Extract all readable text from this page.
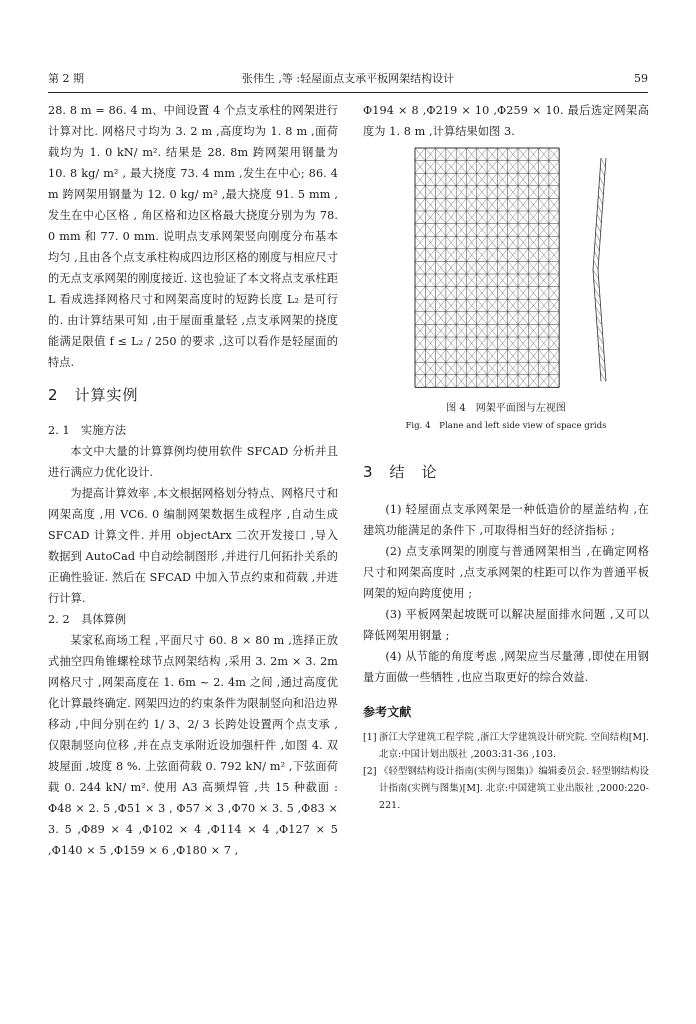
第 2 期	张伟生 ,等 :轻屋面点支承平板网架结构设计	59

28. 8 m = 86. 4 m、中间设置 4 个点支承柱的网架进行计算对比. 网格尺寸均为 3. 2 m ,高度均为 1. 8 m ,面荷载均为 1. 0 kN/ m². 结果是 28. 8m 跨网架用钢量为 10. 8 kg/ m² , 最大挠度 73. 4 mm ,发生在中心; 86. 4 m 跨网架用钢量为 12. 0 kg/ m² ,最大挠度 91. 5 mm ,发生在中心区格 , 角区格和边区格最大挠度分别为为 78. 0 mm 和 77. 0 mm. 说明点支承网架竖向刚度分布基本均匀 ,且由各个点支承柱构成四边形区格的刚度与相应尺寸的无点支承网架的刚度接近. 这也验证了本文将点支承柱距 L 看成选择网格尺寸和网架高度时的短跨长度 L₂ 是可行的. 由计算结果可知 ,由于屋面重量轻 ,点支承网架的挠度能满足限值 f ≤ L₂ / 250 的要求 ,这可以看作是轻屋面的特点.

2　计算实例
2. 1　实施方法

本文中大量的计算算例均使用软件 SFCAD 分析并且进行满应力优化设计.

为提高计算效率 ,本文根据网格划分特点、网格尺寸和网架高度 ,用 VC6. 0 编制网架数据生成程序 ,自动生成 SFCAD 计算文件. 并用 objectArx 二次开发接口 ,导入数据到 AutoCad 中自动绘制图形 ,并进行几何拓扑关系的正确性验证. 然后在 SFCAD 中加入节点约束和荷载 ,并进行计算.

2. 2　具体算例

某家私商场工程 ,平面尺寸 60. 8 × 80 m ,选择正放式抽空四角锥螺栓球节点网架结构 ,采用 3. 2m × 3. 2m 网格尺寸 ,网架高度在 1. 6m ~ 2. 4m 之间 ,通过高度优化计算最终确定. 网架四边的约束条件为限制竖向和沿边界移动 ,中间分别在约 1/ 3、2/ 3 长跨处设置两个点支承 ,仅限制竖向位移 ,并在点支承附近设加强杆件 ,如图 4. 双坡屋面 ,坡度 8 %. 上弦面荷载 0. 792 kN/ m² ,下弦面荷载 0. 244 kN/ m². 使用 A3 高频焊管 ,共 15 种截面 : Φ48 × 2. 5 ,Φ51 × 3 , Φ57 × 3 ,Φ70 × 3. 5 ,Φ83 × 3. 5 ,Φ89 × 4 ,Φ102 × 4 ,Φ114 × 4 ,Φ127 × 5 ,Φ140 × 5 ,Φ159 × 6 ,Φ180 × 7 ,

Φ194 × 8 ,Φ219 × 10 ,Φ259 × 10. 最后选定网架高度为 1. 8 m ,计算结果如图 3.

图 4　网架平面图与左视图
Fig. 4　Plane and left side view of space grids
3　结　论

(1) 轻屋面点支承网架是一种低造价的屋盖结构 ,在建筑功能满足的条件下 ,可取得相当好的经济指标 ;

(2) 点支承网架的刚度与普通网架相当 ,在确定网格尺寸和网架高度时 ,点支承网架的柱距可以作为普通平板网架的短向跨度使用 ;

(3) 平板网架起坡既可以解决屋面排水问题 ,又可以降低网架用钢量 ;

(4) 从节能的角度考虑 ,网架应当尽量薄 ,即使在用钢量方面做一些牺牲 ,也应当取更好的综合效益.

参考文献
[1] 浙江大学建筑工程学院 ,浙江大学建筑设计研究院. 空间结构[M]. 北京:中国计划出版社 ,2003:31-36 ,103.
[2] 《轻型钢结构设计指南(实例与图集)》编辑委员会. 轻型钢结构设计指南(实例与图集)[M]. 北京:中国建筑工业出版社 ,2000:220-221.
